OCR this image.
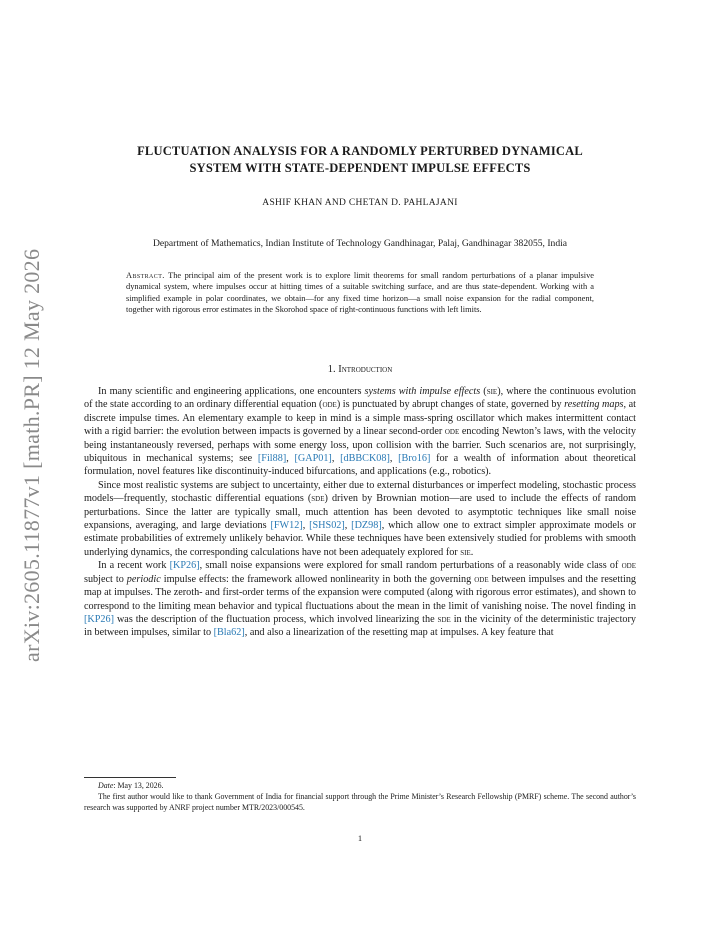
arXiv:2605.11877v1 [math.PR] 12 May 2026
FLUCTUATION ANALYSIS FOR A RANDOMLY PERTURBED DYNAMICAL
SYSTEM WITH STATE-DEPENDENT IMPULSE EFFECTS
ASHIF KHAN AND CHETAN D. PAHLAJANI
Department of Mathematics, Indian Institute of Technology Gandhinagar, Palaj, Gandhinagar 382055, India
Abstract. The principal aim of the present work is to explore limit theorems for small random perturbations of a planar impulsive dynamical system, where impulses occur at hitting times of a suitable switching surface, and are thus state-dependent. Working with a simplified example in polar coordinates, we obtain—for any fixed time horizon—a small noise expansion for the radial component, together with rigorous error estimates in the Skorohod space of right-continuous functions with left limits.
1. Introduction

In many scientific and engineering applications, one encounters systems with impulse effects (sie), where the continuous evolution of the state according to an ordinary differential equation (ode) is punctuated by abrupt changes of state, governed by resetting maps, at discrete impulse times. An elementary example to keep in mind is a simple mass-spring oscillator which makes intermittent contact with a rigid barrier: the evolution between impacts is governed by a linear second-order ode encoding Newton’s laws, with the velocity being instantaneously reversed, perhaps with some energy loss, upon collision with the barrier. Such scenarios are, not surprisingly, ubiquitous in mechanical systems; see [Fil88], [GAP01], [dBBCK08], [Bro16] for a wealth of information about theoretical formulation, novel features like discontinuity-induced bifurcations, and applications (e.g., robotics).

Since most realistic systems are subject to uncertainty, either due to external disturbances or imperfect modeling, stochastic process models—frequently, stochastic differential equations (sde) driven by Brownian motion—are used to include the effects of random perturbations. Since the latter are typically small, much attention has been devoted to asymptotic techniques like small noise expansions, averaging, and large deviations [FW12], [SHS02], [DZ98], which allow one to extract simpler approximate models or estimate probabilities of extremely unlikely behavior. While these techniques have been extensively studied for problems with smooth underlying dynamics, the corresponding calculations have not been adequately explored for sie.

In a recent work [KP26], small noise expansions were explored for small random perturbations of a reasonably wide class of ode subject to periodic impulse effects: the framework allowed nonlinearity in both the governing ode between impulses and the resetting map at impulses. The zeroth- and first-order terms of the expansion were computed (along with rigorous error estimates), and shown to correspond to the limiting mean behavior and typical fluctuations about the mean in the limit of vanishing noise. The novel finding in [KP26] was the description of the fluctuation process, which involved linearizing the sde in the vicinity of the deterministic trajectory in between impulses, similar to [Bla62], and also a linearization of the resetting map at impulses. A key feature that

Date: May 13, 2026.

The first author would like to thank Government of India for financial support through the Prime Minister’s Research Fellowship (PMRF) scheme. The second author’s research was supported by ANRF project number MTR/2023/000545.

1
